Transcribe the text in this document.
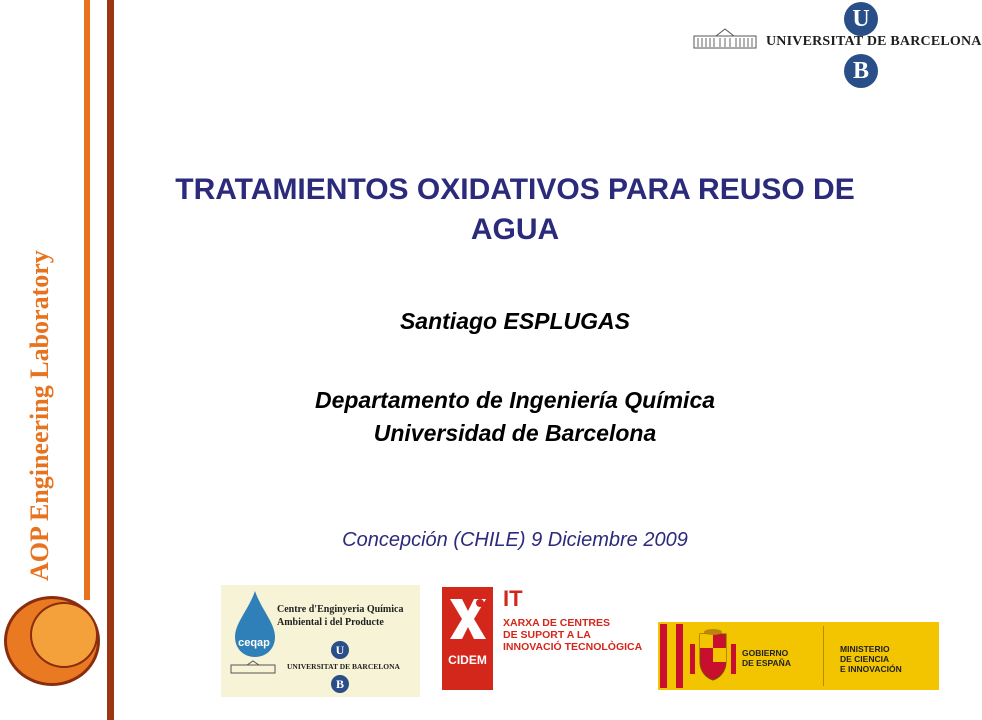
AOP Engineering Laboratory
U
UNIVERSITAT DE BARCELONA
B
TRATAMIENTOS OXIDATIVOS PARA REUSO DE AGUA
Santiago ESPLUGAS
Departamento de Ingeniería Química
Universidad de Barcelona
Concepción (CHILE) 9 Diciembre 2009
ceqap
Centre d'Enginyeria Química
Ambiental i del Producte
U
UNIVERSITAT DE BARCELONA
B
CIDEM
IT
XARXA DE CENTRES
DE SUPORT A LA
INNOVACIÓ TECNOLÒGICA	GOBIERNO
DE ESPAÑA
MINISTERIO
DE CIENCIA
E INNOVACIÓN
